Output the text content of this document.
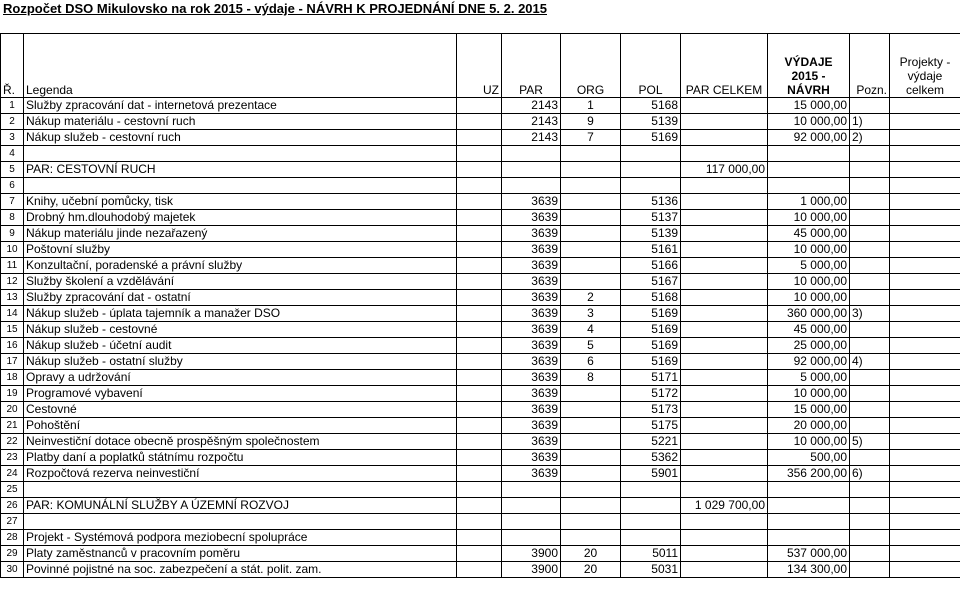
Rozpočet DSO Mikulovsko na rok 2015 - výdaje - NÁVRH K PROJEDNÁNÍ DNE 5. 2. 2015
Ř.	Legenda	UZ	PAR	ORG	POL	PAR CELKEM	VÝDAJE 2015 - NÁVRH	Pozn.	Projekty - výdaje celkem
1	Služby zpracování dat - internetová prezentace		2143	1	5168		15 000,00		
2	Nákup materiálu - cestovní ruch		2143	9	5139		10 000,00	1)	
3	Nákup služeb - cestovní ruch		2143	7	5169		92 000,00	2)	
4									
5	PAR: CESTOVNÍ RUCH					117 000,00			
6									
7	Knihy, učební pomůcky, tisk		3639		5136		1 000,00		
8	Drobný hm.dlouhodobý majetek		3639		5137		10 000,00		
9	Nákup materiálu jinde nezařazený		3639		5139		45 000,00		
10	Poštovní služby		3639		5161		10 000,00		
11	Konzultační, poradenské a právní služby		3639		5166		5 000,00		
12	Služby školení a vzdělávání		3639		5167		10 000,00		
13	Služby zpracování dat - ostatní		3639	2	5168		10 000,00		
14	Nákup služeb - úplata tajemník a manažer DSO		3639	3	5169		360 000,00	3)	
15	Nákup služeb - cestovné		3639	4	5169		45 000,00		
16	Nákup služeb - účetní audit		3639	5	5169		25 000,00		
17	Nákup služeb - ostatní služby		3639	6	5169		92 000,00	4)	
18	Opravy a udržování		3639	8	5171		5 000,00		
19	Programové vybavení		3639		5172		10 000,00		
20	Cestovné		3639		5173		15 000,00		
21	Pohoštění		3639		5175		20 000,00		
22	Neinvestiční dotace obecně prospěšným společnostem		3639		5221		10 000,00	5)	
23	Platby daní a poplatků státnímu rozpočtu		3639		5362		500,00		
24	Rozpočtová rezerva neinvestiční		3639		5901		356 200,00	6)	
25									
26	PAR: KOMUNÁLNÍ SLUŽBY A ÚZEMNÍ ROZVOJ					1 029 700,00			
27									
28	Projekt - Systémová podpora meziobecní spolupráce								
29	Platy zaměstnanců v pracovním poměru		3900	20	5011		537 000,00		
30	Povinné pojistné na soc. zabezpečení a stát. polit. zam.		3900	20	5031		134 300,00		
